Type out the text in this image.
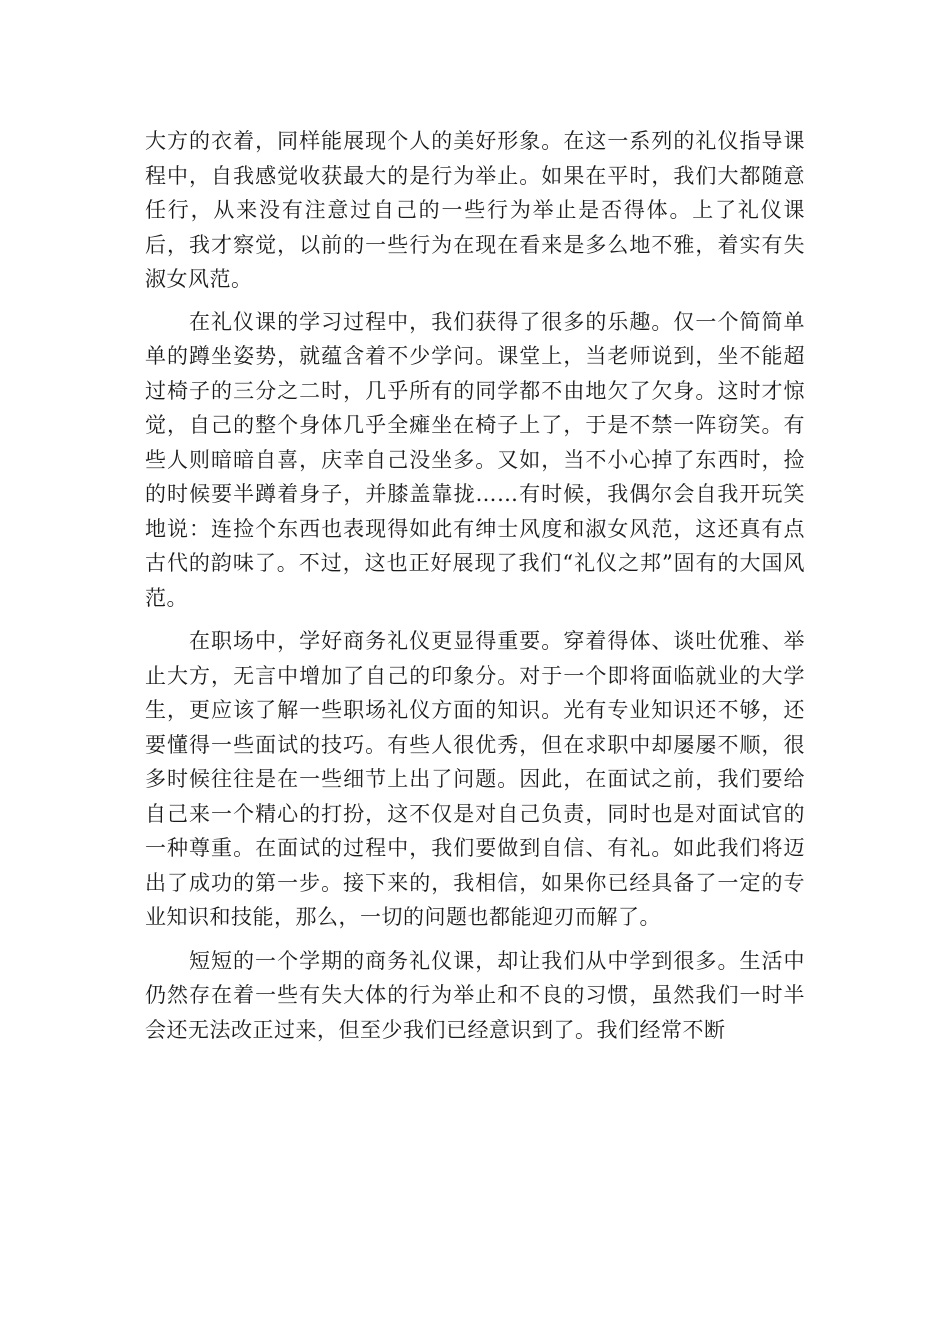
大方的衣着，同样能展现个人的美好形象。在这一系列的礼仪指导课程中，自我感觉收获最大的是行为举止。如果在平时，我们大都随意任行，从来没有注意过自己的一些行为举止是否得体。上了礼仪课后，我才察觉，以前的一些行为在现在看来是多么地不雅，着实有失淑女风范。

在礼仪课的学习过程中，我们获得了很多的乐趣。仅一个简简单单的蹲坐姿势，就蕴含着不少学问。课堂上，当老师说到，坐不能超过椅子的三分之二时，几乎所有的同学都不由地欠了欠身。这时才惊觉，自己的整个身体几乎全瘫坐在椅子上了，于是不禁一阵窃笑。有些人则暗暗自喜，庆幸自己没坐多。又如，当不小心掉了东西时，捡的时候要半蹲着身子，并膝盖靠拢……有时候，我偶尔会自我开玩笑地说：连捡个东西也表现得如此有绅士风度和淑女风范，这还真有点古代的韵味了。不过，这也正好展现了我们“礼仪之邦”固有的大国风范。

在职场中，学好商务礼仪更显得重要。穿着得体、谈吐优雅、举止大方，无言中增加了自己的印象分。对于一个即将面临就业的大学生，更应该了解一些职场礼仪方面的知识。光有专业知识还不够，还要懂得一些面试的技巧。有些人很优秀，但在求职中却屡屡不顺，很多时候往往是在一些细节上出了问题。因此，在面试之前，我们要给自己来一个精心的打扮，这不仅是对自己负责，同时也是对面试官的一种尊重。在面试的过程中，我们要做到自信、有礼。如此我们将迈出了成功的第一步。接下来的，我相信，如果你已经具备了一定的专业知识和技能，那么，一切的问题也都能迎刃而解了。

短短的一个学期的商务礼仪课，却让我们从中学到很多。生活中仍然存在着一些有失大体的行为举止和不良的习惯，虽然我们一时半会还无法改正过来，但至少我们已经意识到了。我们经常不断
